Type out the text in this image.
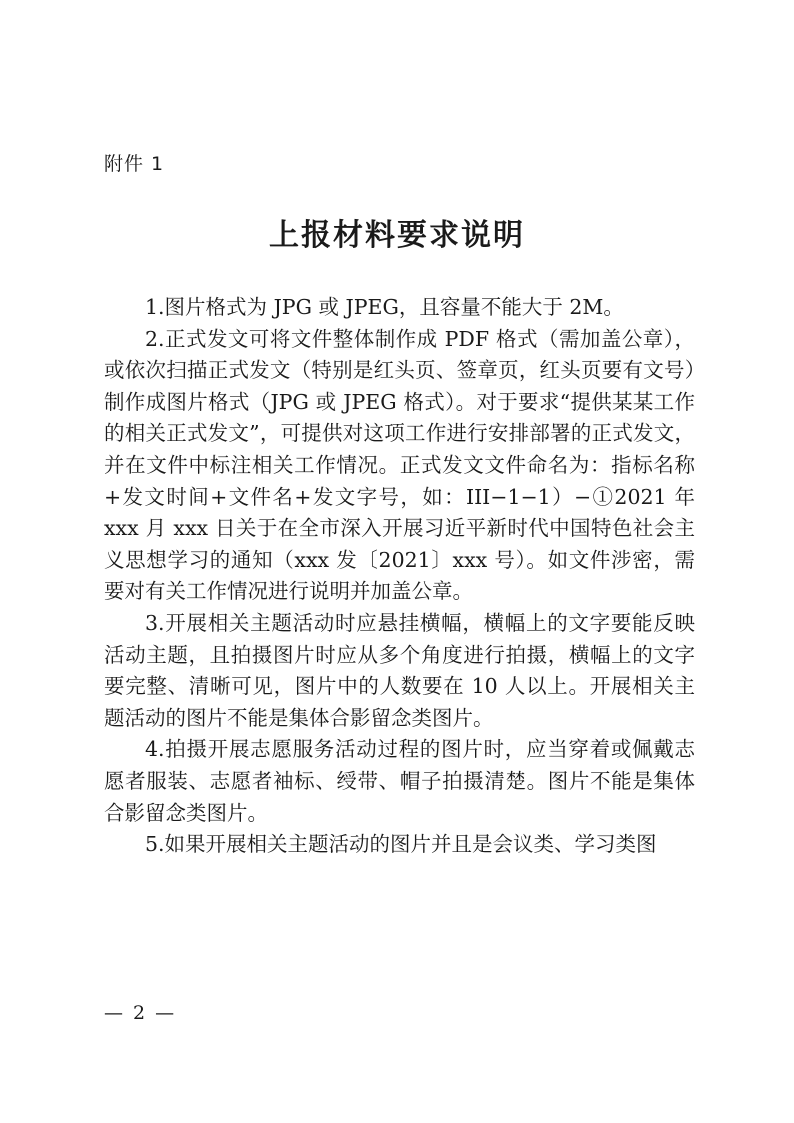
附件 1
上报材料要求说明

1.图片格式为 JPG 或 JPEG，且容量不能大于 2M。

2.正式发文可将文件整体制作成 PDF 格式（需加盖公章），或依次扫描正式发文（特别是红头页、签章页，红头页要有文号）制作成图片格式（JPG 或 JPEG 格式）。对于要求“提供某某工作的相关正式发文”，可提供对这项工作进行安排部署的正式发文，并在文件中标注相关工作情况。正式发文文件命名为：指标名称+发文时间+文件名+发文字号，如：III−1−1）−①2021 年 xxx 月 xxx 日关于在全市深入开展习近平新时代中国特色社会主义思想学习的通知（xxx 发〔2021〕xxx 号）。如文件涉密，需要对有关工作情况进行说明并加盖公章。

3.开展相关主题活动时应悬挂横幅，横幅上的文字要能反映活动主题，且拍摄图片时应从多个角度进行拍摄，横幅上的文字要完整、清晰可见，图片中的人数要在 10 人以上。开展相关主题活动的图片不能是集体合影留念类图片。

4.拍摄开展志愿服务活动过程的图片时，应当穿着或佩戴志愿者服装、志愿者袖标、绶带、帽子拍摄清楚。图片不能是集体合影留念类图片。

5.如果开展相关主题活动的图片并且是会议类、学习类图

— 2 —
